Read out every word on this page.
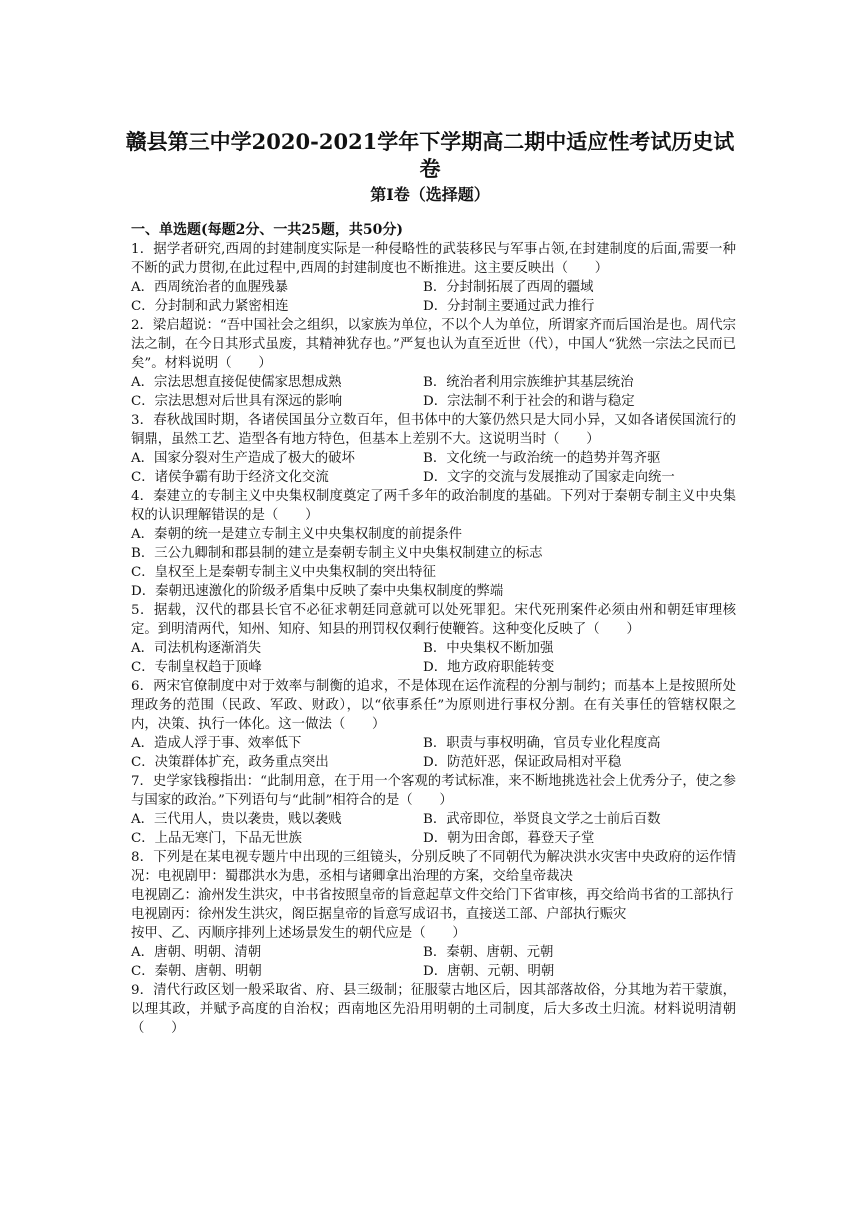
赣县第三中学2020-2021学年下学期高二期中适应性考试历史试卷
第Ⅰ卷（选择题）
一、单选题(每题2分、一共25题，共50分)

1．据学者研究,西周的封建制度实际是一种侵略性的武装移民与军事占领,在封建制度的后面,需要一种不断的武力贯彻,在此过程中,西周的封建制度也不断推进。这主要反映出（　　）

A．西周统治者的血腥残暴	B．分封制拓展了西周的疆域
C．分封制和武力紧密相连	D．分封制主要通过武力推行

2．梁启超说：“吾中国社会之组织，以家族为单位，不以个人为单位，所谓家齐而后国治是也。周代宗法之制，在今日其形式虽废，其精神犹存也。”严复也认为直至近世（代），中国人“犹然一宗法之民而已矣”。材料说明（　　）

A．宗法思想直接促使儒家思想成熟	B．统治者利用宗族维护其基层统治
C．宗法思想对后世具有深远的影响	D．宗法制不利于社会的和谐与稳定

3．春秋战国时期，各诸侯国虽分立数百年，但书体中的大篆仍然只是大同小异，又如各诸侯国流行的铜鼎，虽然工艺、造型各有地方特色，但基本上差别不大。这说明当时（　　）

A．国家分裂对生产造成了极大的破坏	B．文化统一与政治统一的趋势并驾齐驱
C．诸侯争霸有助于经济文化交流	D．文字的交流与发展推动了国家走向统一

4．秦建立的专制主义中央集权制度奠定了两千多年的政治制度的基础。下列对于秦朝专制主义中央集权的认识理解错误的是（　　）

A．秦朝的统一是建立专制主义中央集权制度的前提条件
B．三公九卿制和郡县制的建立是秦朝专制主义中央集权制建立的标志
C．皇权至上是秦朝专制主义中央集权制的突出特征
D．秦朝迅速激化的阶级矛盾集中反映了秦中央集权制度的弊端

5．据载，汉代的郡县长官不必征求朝廷同意就可以处死罪犯。宋代死刑案件必须由州和朝廷审理核定。到明清两代，知州、知府、知县的刑罚权仅剩行使鞭笞。这种变化反映了（　　）

A．司法机构逐渐消失	B．中央集权不断加强
C．专制皇权趋于顶峰	D．地方政府职能转变

6．两宋官僚制度中对于效率与制衡的追求，不是体现在运作流程的分割与制约；而基本上是按照所处理政务的范围（民政、军政、财政），以“依事系任”为原则进行事权分割。在有关事任的管辖权限之内，决策、执行一体化。这一做法（　　）

A．造成人浮于事、效率低下	B．职责与事权明确，官员专业化程度高
C．决策群体扩充，政务重点突出	D．防范奸恶，保证政局相对平稳

7．史学家钱穆指出：“此制用意，在于用一个客观的考试标准，来不断地挑选社会上优秀分子，使之参与国家的政治。”下列语句与“此制”相符合的是（　　）

A．三代用人，贵以袭贵，贱以袭贱	B．武帝即位，举贤良文学之士前后百数
C．上品无寒门，下品无世族	D．朝为田舍郎，暮登天子堂

8．下列是在某电视专题片中出现的三组镜头，分别反映了不同朝代为解决洪水灾害中央政府的运作情况：电视剧甲：蜀郡洪水为患，丞相与诸卿拿出治理的方案，交给皇帝裁决

电视剧乙：渝州发生洪灾，中书省按照皇帝的旨意起草文件交给门下省审核，再交给尚书省的工部执行

电视剧丙：徐州发生洪灾，阁臣据皇帝的旨意写成诏书，直接送工部、户部执行赈灾

按甲、乙、丙顺序排列上述场景发生的朝代应是（　　）

A．唐朝、明朝、清朝	B．秦朝、唐朝、元朝
C．秦朝、唐朝、明朝	D．唐朝、元朝、明朝

9．清代行政区划一般采取省、府、县三级制；征服蒙古地区后，因其部落故俗，分其地为若干蒙旗，以理其政，并赋予高度的自治权；西南地区先沿用明朝的土司制度，后大多改土归流。材料说明清朝（　　）
